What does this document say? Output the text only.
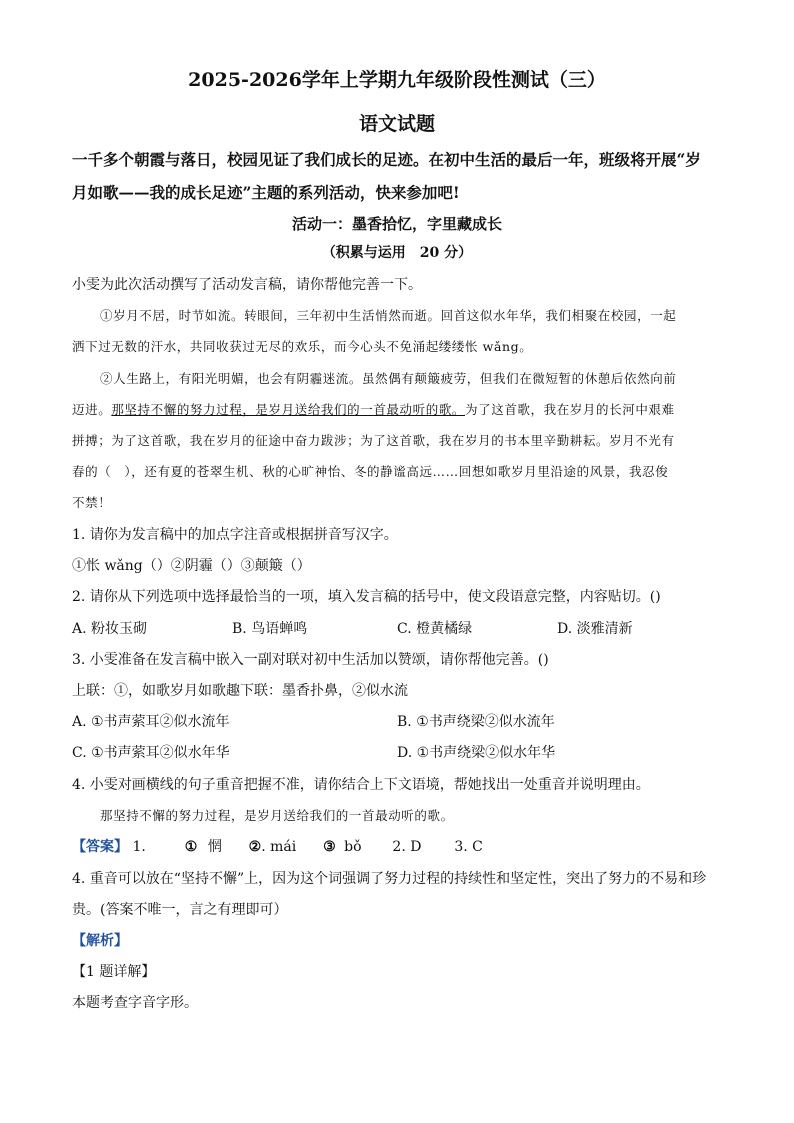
2025-2026学年上学期九年级阶段性测试（三）
语文试题
一千多个朝霞与落日，校园见证了我们成长的足迹。在初中生活的最后一年，班级将开展“岁
月如歌——我的成长足迹”主题的系列活动，快来参加吧!
活动一：墨香拾忆，字里藏成长
（积累与运用　20 分）
小雯为此次活动撰写了活动发言稿，请你帮他完善一下。
①岁月不居，时节如流。转眼间，三年初中生活悄然而逝。回首这似水年华，我们相聚在校园，一起
洒下过无数的汗水，共同收获过无尽的欢乐，而今心头不免涌起缕缕怅 wǎng。
②人生路上，有阳光明媚，也会有阴霾迷流。虽然偶有颠簸疲劳，但我们在微短暂的休憩后依然向前
迈进。那坚持不懈的努力过程，是岁月送给我们的一首最动听的歌。为了这首歌，我在岁月的长河中艰难
拼搏；为了这首歌，我在岁月的征途中奋力跋涉；为了这首歌，我在岁月的书本里辛勤耕耘。岁月不光有
春的（　），还有夏的苍翠生机、秋的心旷神怡、冬的静谧高远……回想如歌岁月里沿途的风景，我忍俊
不禁！
1. 请你为发言稿中的加点字注音或根据拼音写汉字。
①怅 wǎng（）②阴霾（）③颠簸（）
2. 请你从下列选项中选择最恰当的一项，填入发言稿的括号中，使文段语意完整，内容贴切。()
A. 粉妆玉砌	B. 鸟语蝉鸣	C. 橙黄橘绿	D. 淡雅清新
3. 小雯准备在发言稿中嵌入一副对联对初中生活加以赞颂，请你帮他完善。()
上联：①，如歌岁月如歌趣下联：墨香扑鼻，②似水流
A. ①书声萦耳②似水流年	B. ①书声绕梁②似水流年
C. ①书声萦耳②似水年华	D. ①书声绕梁②似水年华
4. 小雯对画横线的句子重音把握不准，请你结合上下文语境，帮她找出一处重音并说明理由。
那坚持不懈的努力过程，是岁月送给我们的一首最动听的歌。
【答案】 1.	① 惘 ②. mái ③ bǒ 2. D 3. C
4. 重音可以放在“坚持不懈”上，因为这个词强调了努力过程的持续性和坚定性，突出了努力的不易和珍
贵。(答案不唯一，言之有理即可）
【解析】
【1 题详解】
本题考查字音字形。
